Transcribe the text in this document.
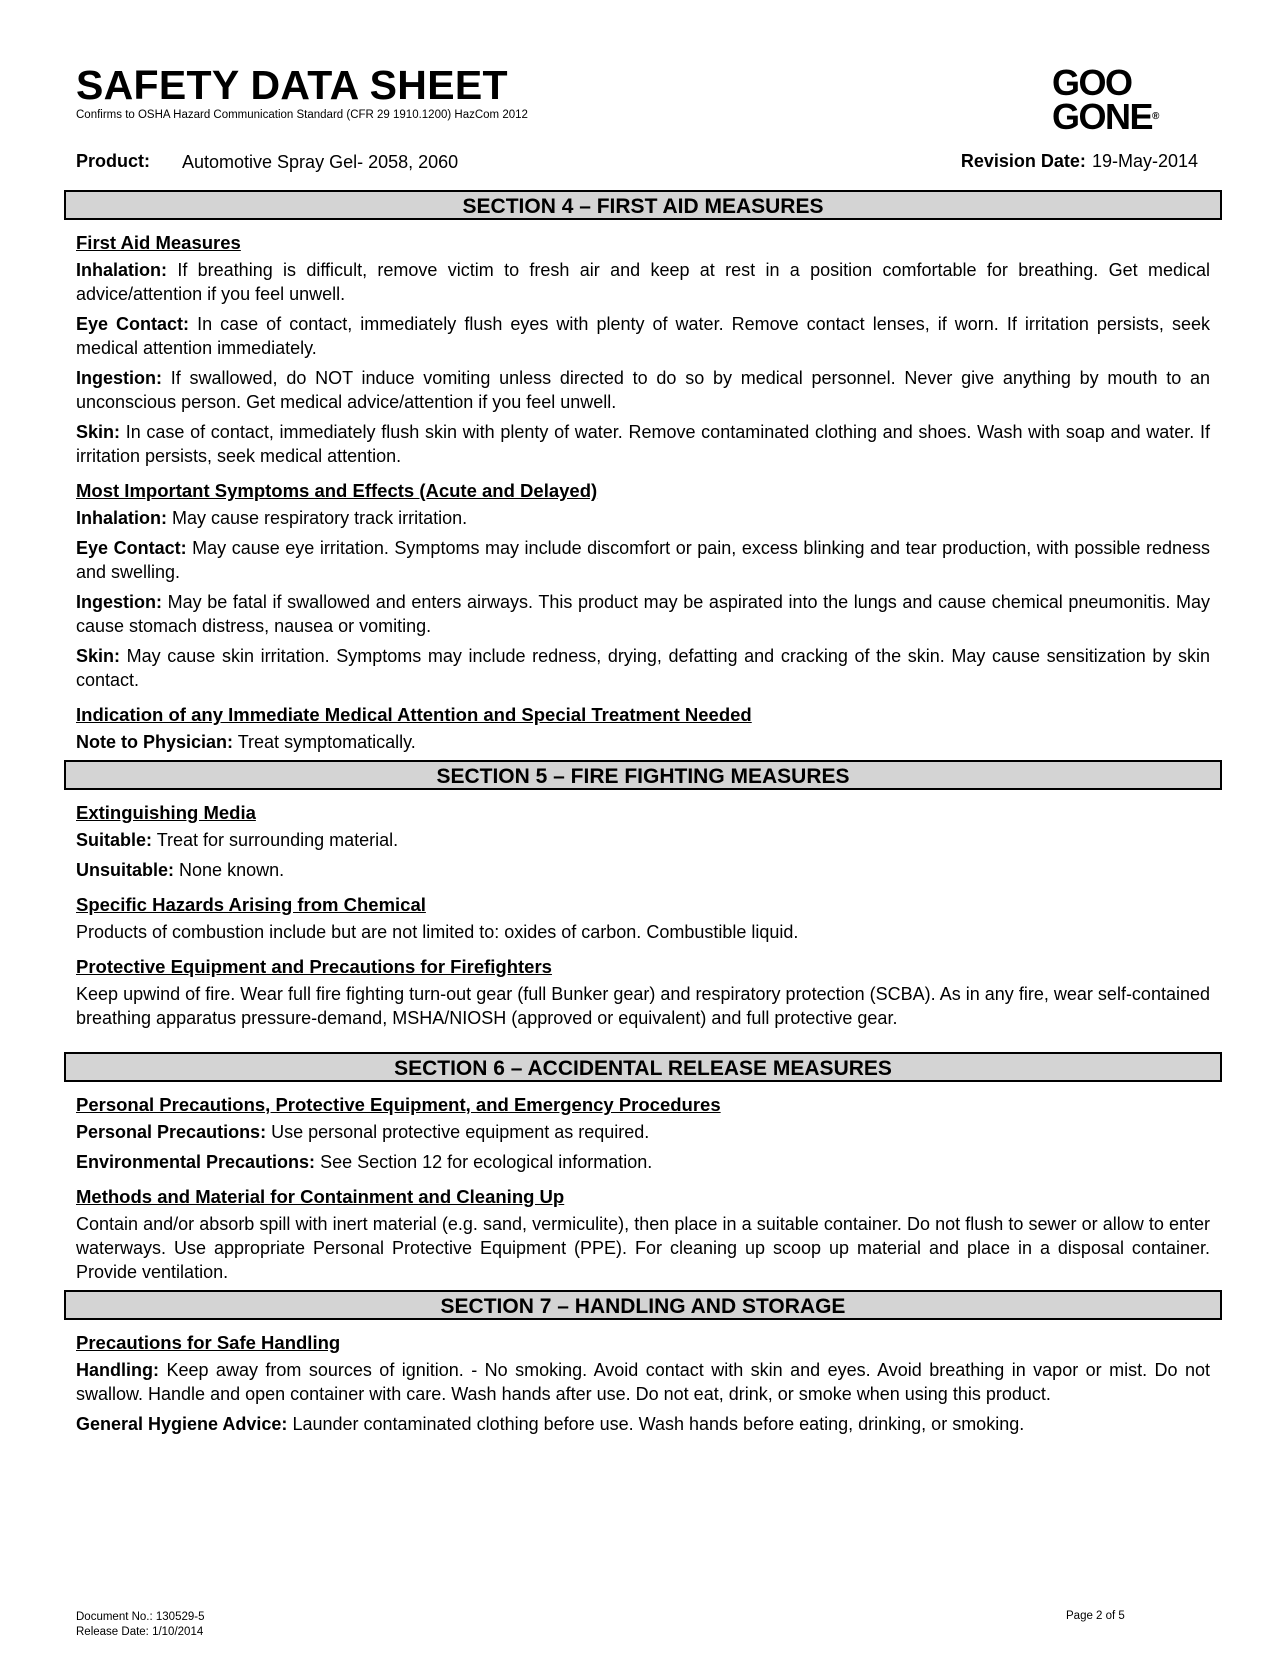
SAFETY DATA SHEET

Confirms to OSHA Hazard Communication Standard (CFR 29 1910.1200) HazCom 2012

GOO
GONE®
Product: Automotive Spray Gel- 2058, 2060	Revision Date: 19-May-2014
SECTION 4 – FIRST AID MEASURES
First Aid Measures
Inhalation: If breathing is difficult, remove victim to fresh air and keep at rest in a position comfortable for breathing. Get medical advice/attention if you feel unwell.
Eye Contact: In case of contact, immediately flush eyes with plenty of water. Remove contact lenses, if worn. If irritation persists, seek medical attention immediately.
Ingestion: If swallowed, do NOT induce vomiting unless directed to do so by medical personnel. Never give anything by mouth to an unconscious person. Get medical advice/attention if you feel unwell.
Skin: In case of contact, immediately flush skin with plenty of water. Remove contaminated clothing and shoes. Wash with soap and water. If irritation persists, seek medical attention.
Most Important Symptoms and Effects (Acute and Delayed)
Inhalation: May cause respiratory track irritation.
Eye Contact: May cause eye irritation. Symptoms may include discomfort or pain, excess blinking and tear production, with possible redness and swelling.
Ingestion: May be fatal if swallowed and enters airways. This product may be aspirated into the lungs and cause chemical pneumonitis. May cause stomach distress, nausea or vomiting.
Skin: May cause skin irritation. Symptoms may include redness, drying, defatting and cracking of the skin. May cause sensitization by skin contact.
Indication of any Immediate Medical Attention and Special Treatment Needed
Note to Physician: Treat symptomatically.
SECTION 5 – FIRE FIGHTING MEASURES
Extinguishing Media
Suitable: Treat for surrounding material.
Unsuitable: None known.
Specific Hazards Arising from Chemical
Products of combustion include but are not limited to: oxides of carbon. Combustible liquid.
Protective Equipment and Precautions for Firefighters
Keep upwind of fire. Wear full fire fighting turn-out gear (full Bunker gear) and respiratory protection (SCBA). As in any fire, wear self-contained breathing apparatus pressure-demand, MSHA/NIOSH (approved or equivalent) and full protective gear.
SECTION 6 – ACCIDENTAL RELEASE MEASURES
Personal Precautions, Protective Equipment, and Emergency Procedures
Personal Precautions: Use personal protective equipment as required.
Environmental Precautions: See Section 12 for ecological information.
Methods and Material for Containment and Cleaning Up
Contain and/or absorb spill with inert material (e.g. sand, vermiculite), then place in a suitable container. Do not flush to sewer or allow to enter waterways. Use appropriate Personal Protective Equipment (PPE). For cleaning up scoop up material and place in a disposal container. Provide ventilation.
SECTION 7 – HANDLING AND STORAGE
Precautions for Safe Handling
Handling: Keep away from sources of ignition. - No smoking. Avoid contact with skin and eyes. Avoid breathing in vapor or mist. Do not swallow. Handle and open container with care. Wash hands after use. Do not eat, drink, or smoke when using this product.
General Hygiene Advice: Launder contaminated clothing before use. Wash hands before eating, drinking, or smoking.
Document No.: 130529-5
Release Date: 1/10/2014
Page 2 of 5
